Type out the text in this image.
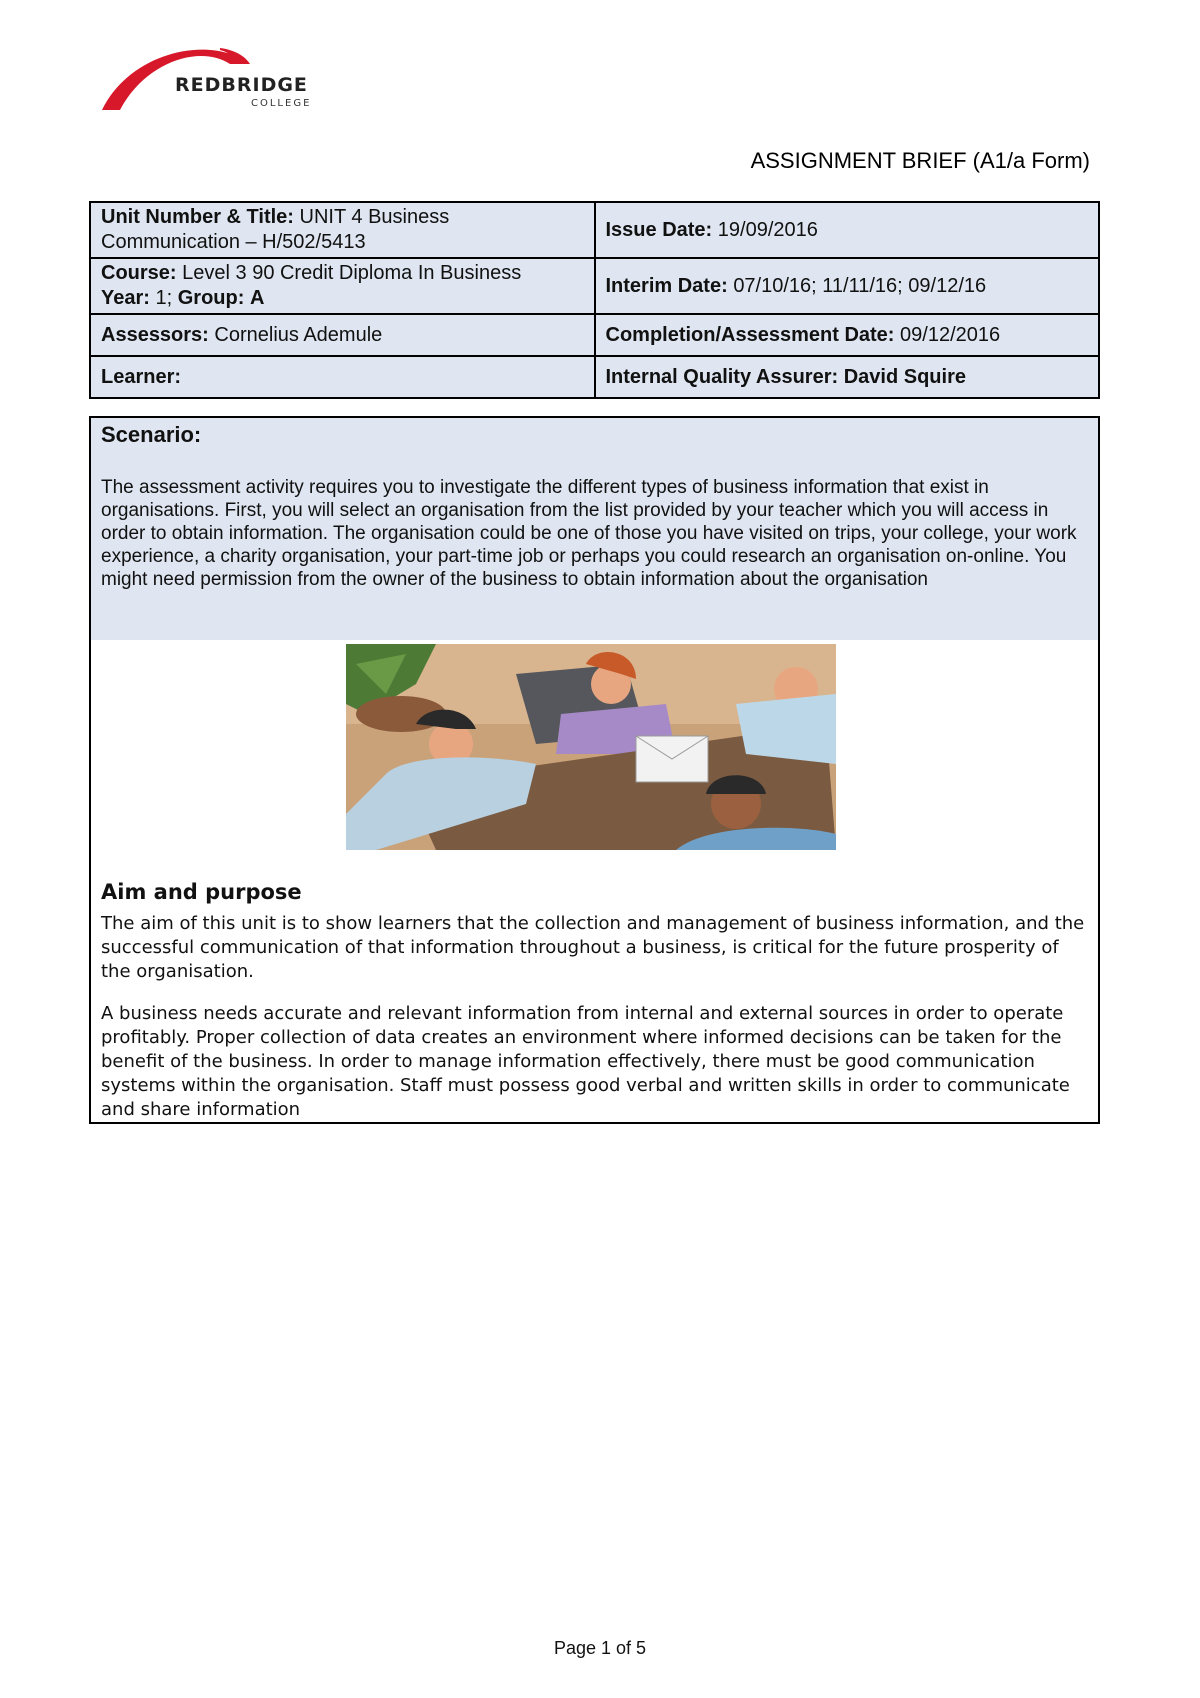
REDBRIDGE
COLLEGE
ASSIGNMENT BRIEF (A1/a Form)
Unit Number & Title: UNIT 4 Business
Communication – H/502/5413	Issue Date: 19/09/2016
Course: Level 3 90 Credit Diploma In Business
Year: 1; Group: A	Interim Date: 07/10/16; 11/11/16; 09/12/16
Assessors: Cornelius Ademule	Completion/Assessment Date: 09/12/2016
Learner:	Internal Quality Assurer: David Squire
Scenario:

The assessment activity requires you to investigate the different types of business information that exist in organisations. First, you will select an organisation from the list provided by your teacher which you will access in order to obtain information. The organisation could be one of those you have visited on trips, your college, your work experience, a charity organisation, your part-time job or perhaps you could research an organisation on-online. You might need permission from the owner of the business to obtain information about the organisation

Aim and purpose

The aim of this unit is to show learners that the collection and management of business information, and the successful communication of that information throughout a business, is critical for the future prosperity of the organisation.

A business needs accurate and relevant information from internal and external sources in order to operate profitably. Proper collection of data creates an environment where informed decisions can be taken for the benefit of the business. In order to manage information effectively, there must be good communication systems within the organisation. Staff must possess good verbal and written skills in order to communicate and share information

Page 1 of 5
